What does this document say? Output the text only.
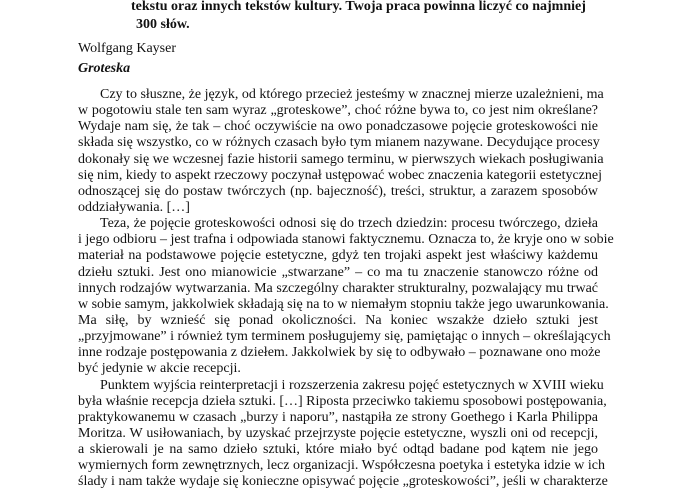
tekstu oraz innych tekstów kultury. Twoja praca powinna liczyć co najmniej
300 słów.
Wolfgang Kayser
Groteska
Czy to słuszne, że język, od którego przecież jesteśmy w znacznej mierze uzależnieni, ma
w pogotowiu stale ten sam wyraz „groteskowe”, choć różne bywa to, co jest nim określane?
Wydaje nam się, że tak – choć oczywiście na owo ponadczasowe pojęcie groteskowości nie
składa się wszystko, co w różnych czasach było tym mianem nazywane. Decydujące procesy
dokonały się we wczesnej fazie historii samego terminu, w pierwszych wiekach posługiwania
się nim, kiedy to aspekt rzeczowy poczynał ustępować wobec znaczenia kategorii estetycznej
odnoszącej się do postaw twórczych (np. bajeczność), treści, struktur, a zarazem sposobów
oddziaływania. […]
Teza, że pojęcie groteskowości odnosi się do trzech dziedzin: procesu twórczego, dzieła
i jego odbioru – jest trafna i odpowiada stanowi faktycznemu. Oznacza to, że kryje ono w sobie
materiał na podstawowe pojęcie estetyczne, gdyż ten trojaki aspekt jest właściwy każdemu
dziełu sztuki. Jest ono mianowicie „stwarzane” – co ma tu znaczenie stanowczo różne od
innych rodzajów wytwarzania. Ma szczególny charakter strukturalny, pozwalający mu trwać
w sobie samym, jakkolwiek składają się na to w niemałym stopniu także jego uwarunkowania.
Ma siłę, by wznieść się ponad okoliczności. Na koniec wszakże dzieło sztuki jest
„przyjmowane” i również tym terminem posługujemy się, pamiętając o innych – określających
inne rodzaje postępowania z dziełem. Jakkolwiek by się to odbywało – poznawane ono może
być jedynie w akcie recepcji.
Punktem wyjścia reinterpretacji i rozszerzenia zakresu pojęć estetycznych w XVIII wieku
była właśnie recepcja dzieła sztuki. […] Riposta przeciwko takiemu sposobowi postępowania,
praktykowanemu w czasach „burzy i naporu”, nastąpiła ze strony Goethego i Karla Philippa
Moritza. W usiłowaniach, by uzyskać przejrzyste pojęcie estetyczne, wyszli oni od recepcji,
a skierowali je na samo dzieło sztuki, które miało być odtąd badane pod kątem nie jego
wymiernych form zewnętrznych, lecz organizacji. Współczesna poetyka i estetyka idzie w ich
ślady i nam także wydaje się konieczne opisywać pojęcie „groteskowości”, jeśli w charakterze
